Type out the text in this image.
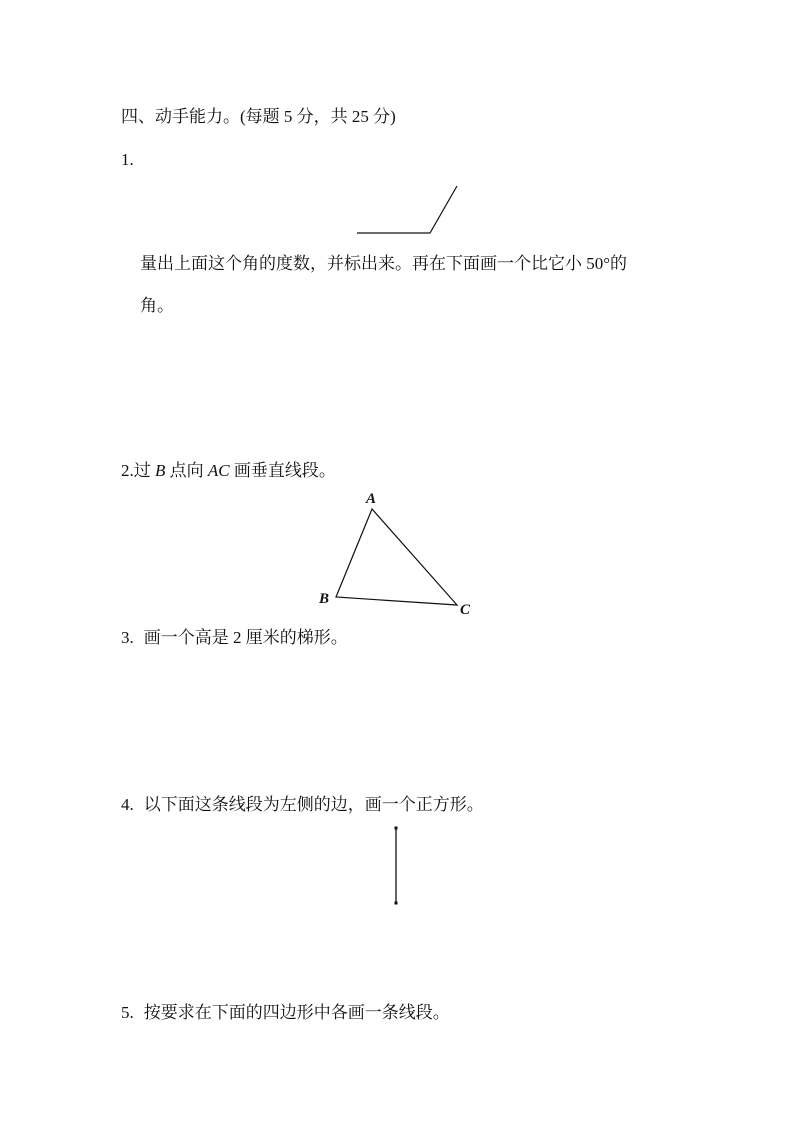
四、动手能力。(每题 5 分，共 25 分)
1.
量出上面这个角的度数，并标出来。再在下面画一个比它小 50°的
角。
2.过 B 点向 AC 画垂直线段。
A
B
C
3. 画一个高是 2 厘米的梯形。
4. 以下面这条线段为左侧的边，画一个正方形。
5. 按要求在下面的四边形中各画一条线段。
